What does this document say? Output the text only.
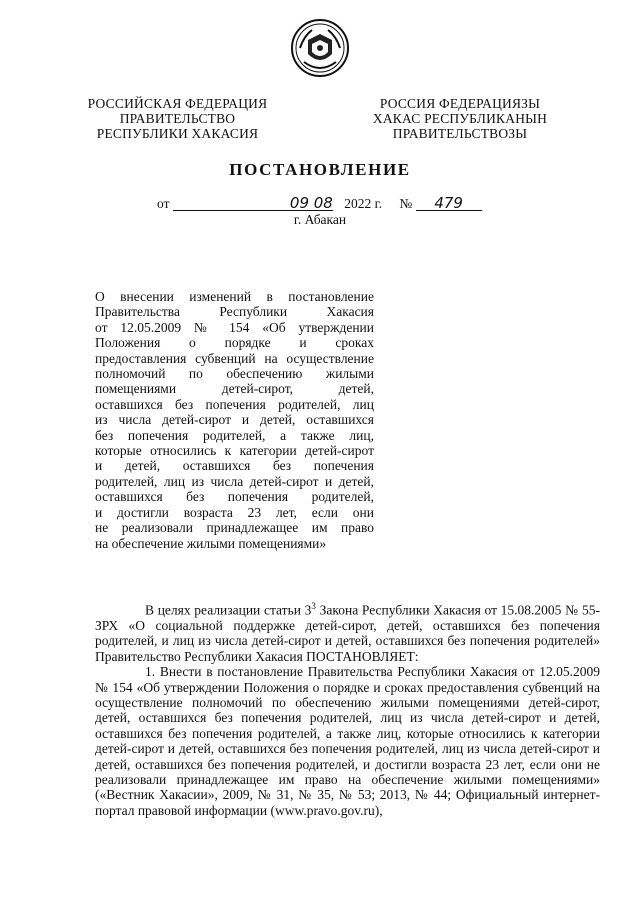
РОССИЙСКАЯ ФЕДЕРАЦИЯ
ПРАВИТЕЛЬСТВО
РЕСПУБЛИКИ ХАКАСИЯ
РОССИЯ ФЕДЕРАЦИЯЗЫ
ХАКАС РЕСПУБЛИКАНЫН
ПРАВИТЕЛЬСТВОЗЫ
ПОСТАНОВЛЕНИЕ
от	09 08 2022 г. № 479
г. Абакан
О внесении изменений в постановление
Правительства Республики Хакасия
от 12.05.2009 № 154 «Об утверждении
Положения о порядке и сроках
предоставления субвенций на осуществление
полномочий по обеспечению жилыми
помещениями детей-сирот, детей,
оставшихся без попечения родителей, лиц
из числа детей-сирот и детей, оставшихся
без попечения родителей, а также лиц,
которые относились к категории детей-сирот
и детей, оставшихся без попечения
родителей, лиц из числа детей-сирот и детей,
оставшихся без попечения родителей,
и достигли возраста 23 лет, если они
не реализовали принадлежащее им право
на обеспечение жилыми помещениями»

В целях реализации статьи $3^3$ Закона Республики Хакасия от 15.08.2005 № 55-ЗРХ «О социальной поддержке детей-сирот, детей, оставшихся без попечения родителей, и лиц из числа детей-сирот и детей, оставшихся без попечения родителей» Правительство Республики Хакасия ПОСТАНОВЛЯЕТ:

1. Внести в постановление Правительства Республики Хакасия от 12.05.2009 № 154 «Об утверждении Положения о порядке и сроках предоставления субвенций на осуществление полномочий по обеспечению жилыми помещениями детей-сирот, детей, оставшихся без попечения родителей, лиц из числа детей-сирот и детей, оставшихся без попечения родителей, а также лиц, которые относились к категории детей-сирот и детей, оставшихся без попечения родителей, лиц из числа детей-сирот и детей, оставшихся без попечения родителей, и достигли возраста 23 лет, если они не реализовали принадлежащее им право на обеспечение жилыми помещениями» («Вестник Хакасии», 2009, № 31, № 35, № 53; 2013, № 44; Официальный интернет-портал правовой информации (www.pravo.gov.ru),
